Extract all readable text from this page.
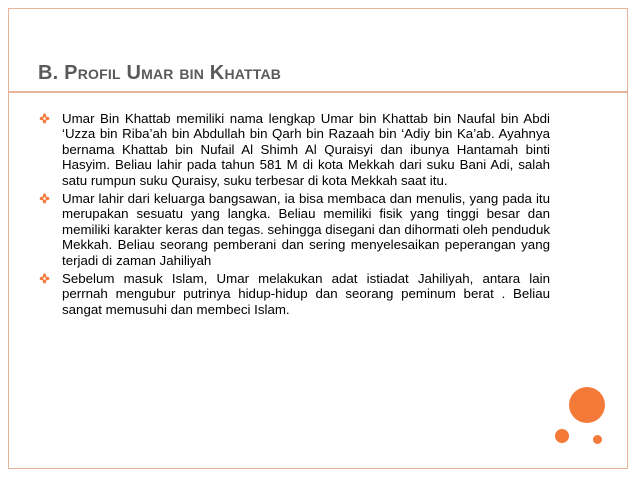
B. Profil Umar bin Khattab
Umar Bin Khattab memiliki nama lengkap Umar bin Khattab bin Naufal bin Abdi ‘Uzza bin Riba’ah bin Abdullah bin Qarh bin Razaah bin ‘Adiy bin Ka’ab. Ayahnya bernama Khattab bin Nufail Al Shimh Al Quraisyi dan ibunya Hantamah binti Hasyim. Beliau lahir pada tahun 581 M di kota Mekkah dari suku Bani Adi, salah satu rumpun suku Quraisy, suku terbesar di kota Mekkah saat itu.
Umar lahir dari keluarga bangsawan, ia bisa membaca dan menulis, yang pada itu merupakan sesuatu yang langka. Beliau memiliki fisik yang tinggi besar dan memiliki karakter keras dan tegas. sehingga disegani dan dihormati oleh penduduk Mekkah. Beliau seorang pemberani dan sering menyelesaikan peperangan yang terjadi di zaman Jahiliyah
Sebelum masuk Islam, Umar melakukan adat istiadat Jahiliyah, antara lain perrnah mengubur putrinya hidup-hidup dan seorang peminum berat . Beliau sangat memusuhi dan membeci Islam.
